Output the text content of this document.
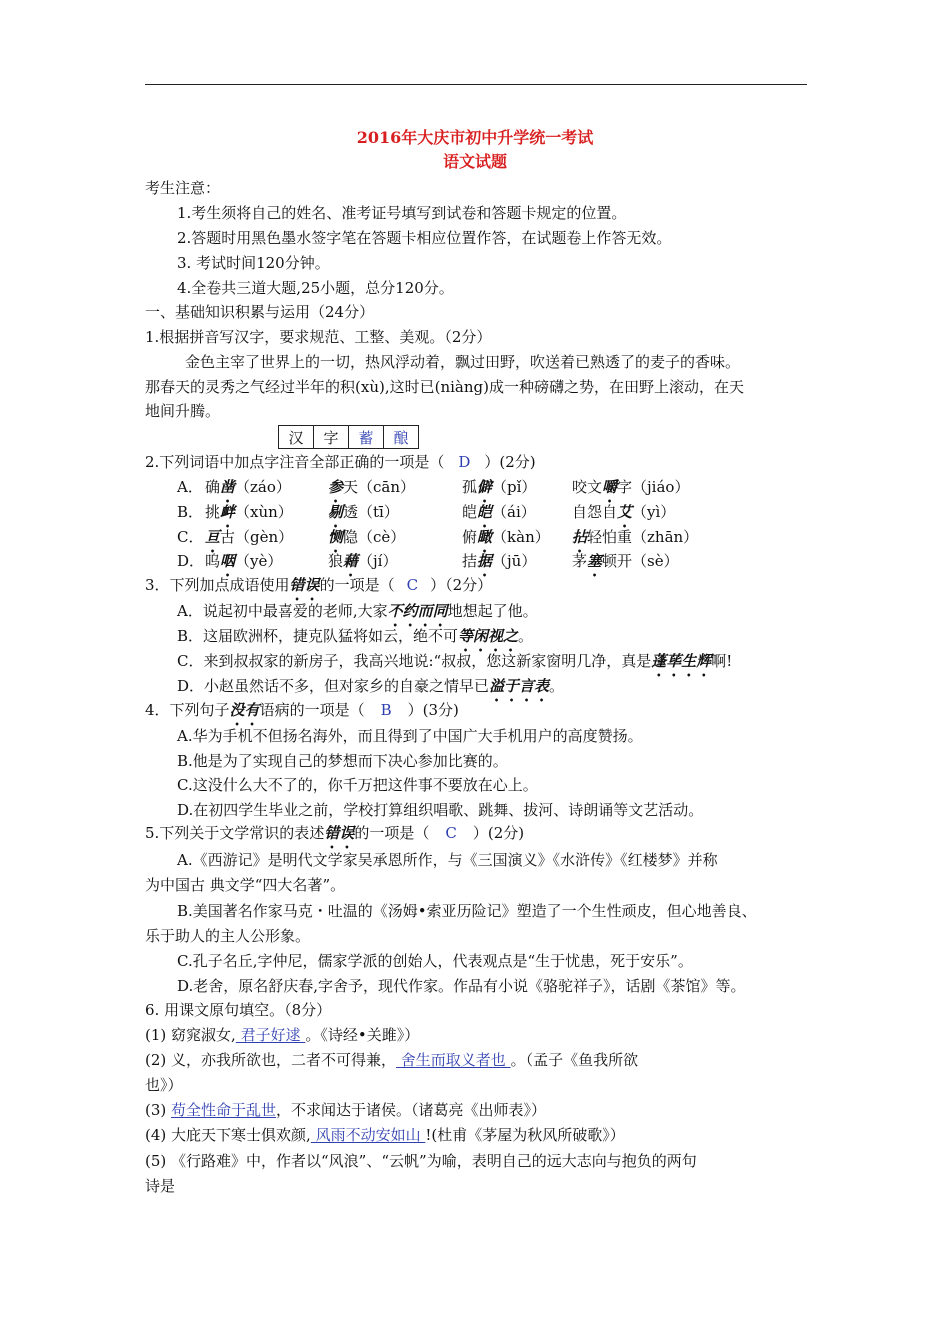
2016年大庆市初中升学统一考试
语文试题
考生注意：
1.考生须将自己的姓名、准考证号填写到试卷和答题卡规定的位置。
2.答题时用黑色墨水签字笔在答题卡相应位置作答，在试题卷上作答无效。
3. 考试时间120分钟。
4.全卷共三道大题,25小题，总分120分。
一、基础知识积累与运用（24分）
1.根据拼音写汉字，要求规范、工整、美观。（2分）
金色主宰了世界上的一切，热风浮动着，飘过田野，吹送着已熟透了的麦子的香味。
那春天的灵秀之气经过半年的积(xù),这时已(niàng)成一种磅礴之势，在田野上滚动，在天
地间升腾。
汉	字	蓄	酿
2.下列词语中加点字注音全部正确的一项是（ D ）(2分)
A． 确凿（záo） 参天（cān）	孤僻（pǐ） 咬文嚼字（jiáo）
B． 挑衅（xùn） 剔透（tī）	皑皑（ái） 自怨自艾（yì）
C． 亘古（gèn） 恻隐（cè）	俯瞰（kàn） 拈轻怕重（zhān）
D． 呜咽（yè）	狼藉（jí）	拮据（jū） 茅塞顿开（sè）
3．下列加点成语使用错误的一项是（ C ）（2分）
A．说起初中最喜爱的老师,大家不约而同地想起了他。
B．这届欧洲杯，捷克队猛将如云，绝不可等闲视之。
C．来到叔叔家的新房子，我高兴地说:“叔叔，您这新家窗明几净，真是蓬荜生辉啊!
D．小赵虽然话不多，但对家乡的自豪之情早已溢于言表。
4．下列句子没有语病的一项是（ B ）(3分)
A.华为手机不但扬名海外，而且得到了中国广大手机用户的高度赞扬。
B.他是为了实现自己的梦想而下决心参加比赛的。
C.这没什么大不了的，你千万把这件事不要放在心上。
D.在初四学生毕业之前，学校打算组织唱歌、跳舞、拔河、诗朗诵等文艺活动。
5.下列关于文学常识的表述错误的一项是（ C ）(2分)
A.《西游记》是明代文学家吴承恩所作，与《三国演义》《水浒传》《红楼梦》并称
为中国古 典文学“四大名著”。
B.美国著名作家马克・吐温的《汤姆•索亚历险记》塑造了一个生性顽皮，但心地善良、
乐于助人的主人公形象。
C.孔子名丘,字仲尼，儒家学派的创始人，代表观点是“生于忧患，死于安乐”。
D.老舍，原名舒庆春,字舍予，现代作家。作品有小说《骆驼祥子》，话剧《茶馆》等。
6. 用课文原句填空。（8分）
(1) 窈窕淑女, 君子好逑 。《诗经•关雎》）
(2) 义，亦我所欲也，二者不可得兼， 舍生而取义者也 。（孟子《鱼我所欲
也》）
(3) 苟全性命于乱世，不求闻达于诸侯。（诸葛亮《出师表》）
(4) 大庇天下寒士俱欢颜, 风雨不动安如山 !(杜甫《茅屋为秋风所破歌》）
(5) 《行路难》中，作者以“风浪”、“云帆”为喻，表明自己的远大志向与抱负的两句
诗是
